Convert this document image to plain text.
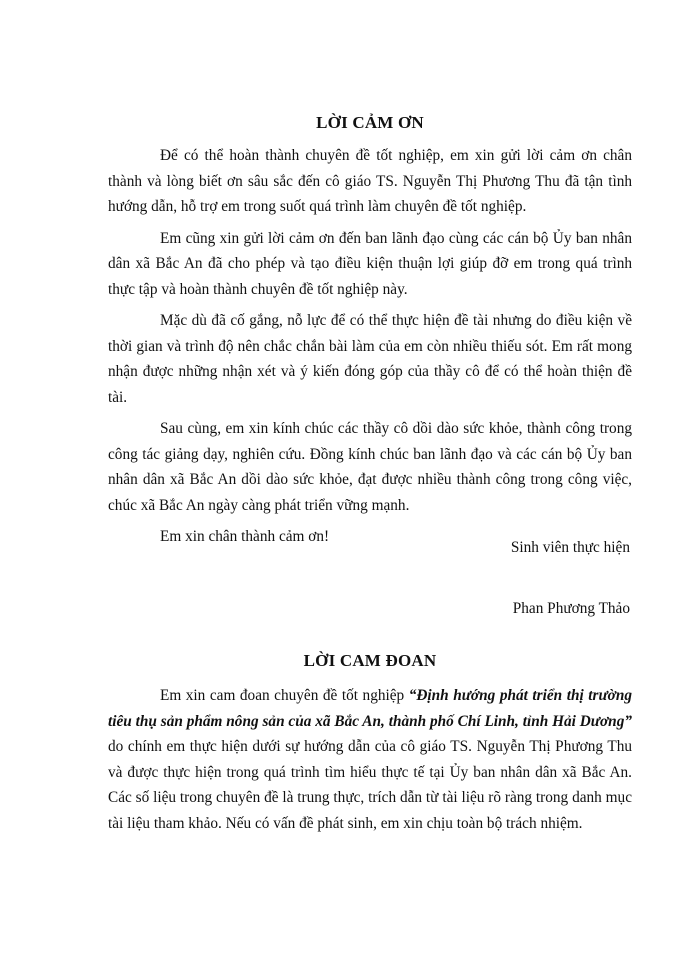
LỜI CẢM ƠN

Để có thể hoàn thành chuyên đề tốt nghiệp, em xin gửi lời cảm ơn chân thành và lòng biết ơn sâu sắc đến cô giáo TS. Nguyễn Thị Phương Thu đã tận tình hướng dẫn, hỗ trợ em trong suốt quá trình làm chuyên đề tốt nghiệp.

Em cũng xin gửi lời cảm ơn đến ban lãnh đạo cùng các cán bộ Ủy ban nhân dân xã Bắc An đã cho phép và tạo điều kiện thuận lợi giúp đỡ em trong quá trình thực tập và hoàn thành chuyên đề tốt nghiệp này.

Mặc dù đã cố gắng, nỗ lực để có thể thực hiện đề tài nhưng do điều kiện về thời gian và trình độ nên chắc chắn bài làm của em còn nhiều thiếu sót. Em rất mong nhận được những nhận xét và ý kiến đóng góp của thầy cô để có thể hoàn thiện đề tài.

Sau cùng, em xin kính chúc các thầy cô dồi dào sức khỏe, thành công trong công tác giảng dạy, nghiên cứu. Đồng kính chúc ban lãnh đạo và các cán bộ Ủy ban nhân dân xã Bắc An dồi dào sức khỏe, đạt được nhiều thành công trong công việc, chúc xã Bắc An ngày càng phát triển vững mạnh.

Em xin chân thành cảm ơn!

Sinh viên thực hiện

Phan Phương Thảo

LỜI CAM ĐOAN

Em xin cam đoan chuyên đề tốt nghiệp “Định hướng phát triển thị trường tiêu thụ sản phẩm nông sản của xã Bắc An, thành phố Chí Linh, tỉnh Hải Dương” do chính em thực hiện dưới sự hướng dẫn của cô giáo TS. Nguyễn Thị Phương Thu và được thực hiện trong quá trình tìm hiểu thực tế tại Ủy ban nhân dân xã Bắc An. Các số liệu trong chuyên đề là trung thực, trích dẫn từ tài liệu rõ ràng trong danh mục tài liệu tham khảo. Nếu có vấn đề phát sinh, em xin chịu toàn bộ trách nhiệm.
